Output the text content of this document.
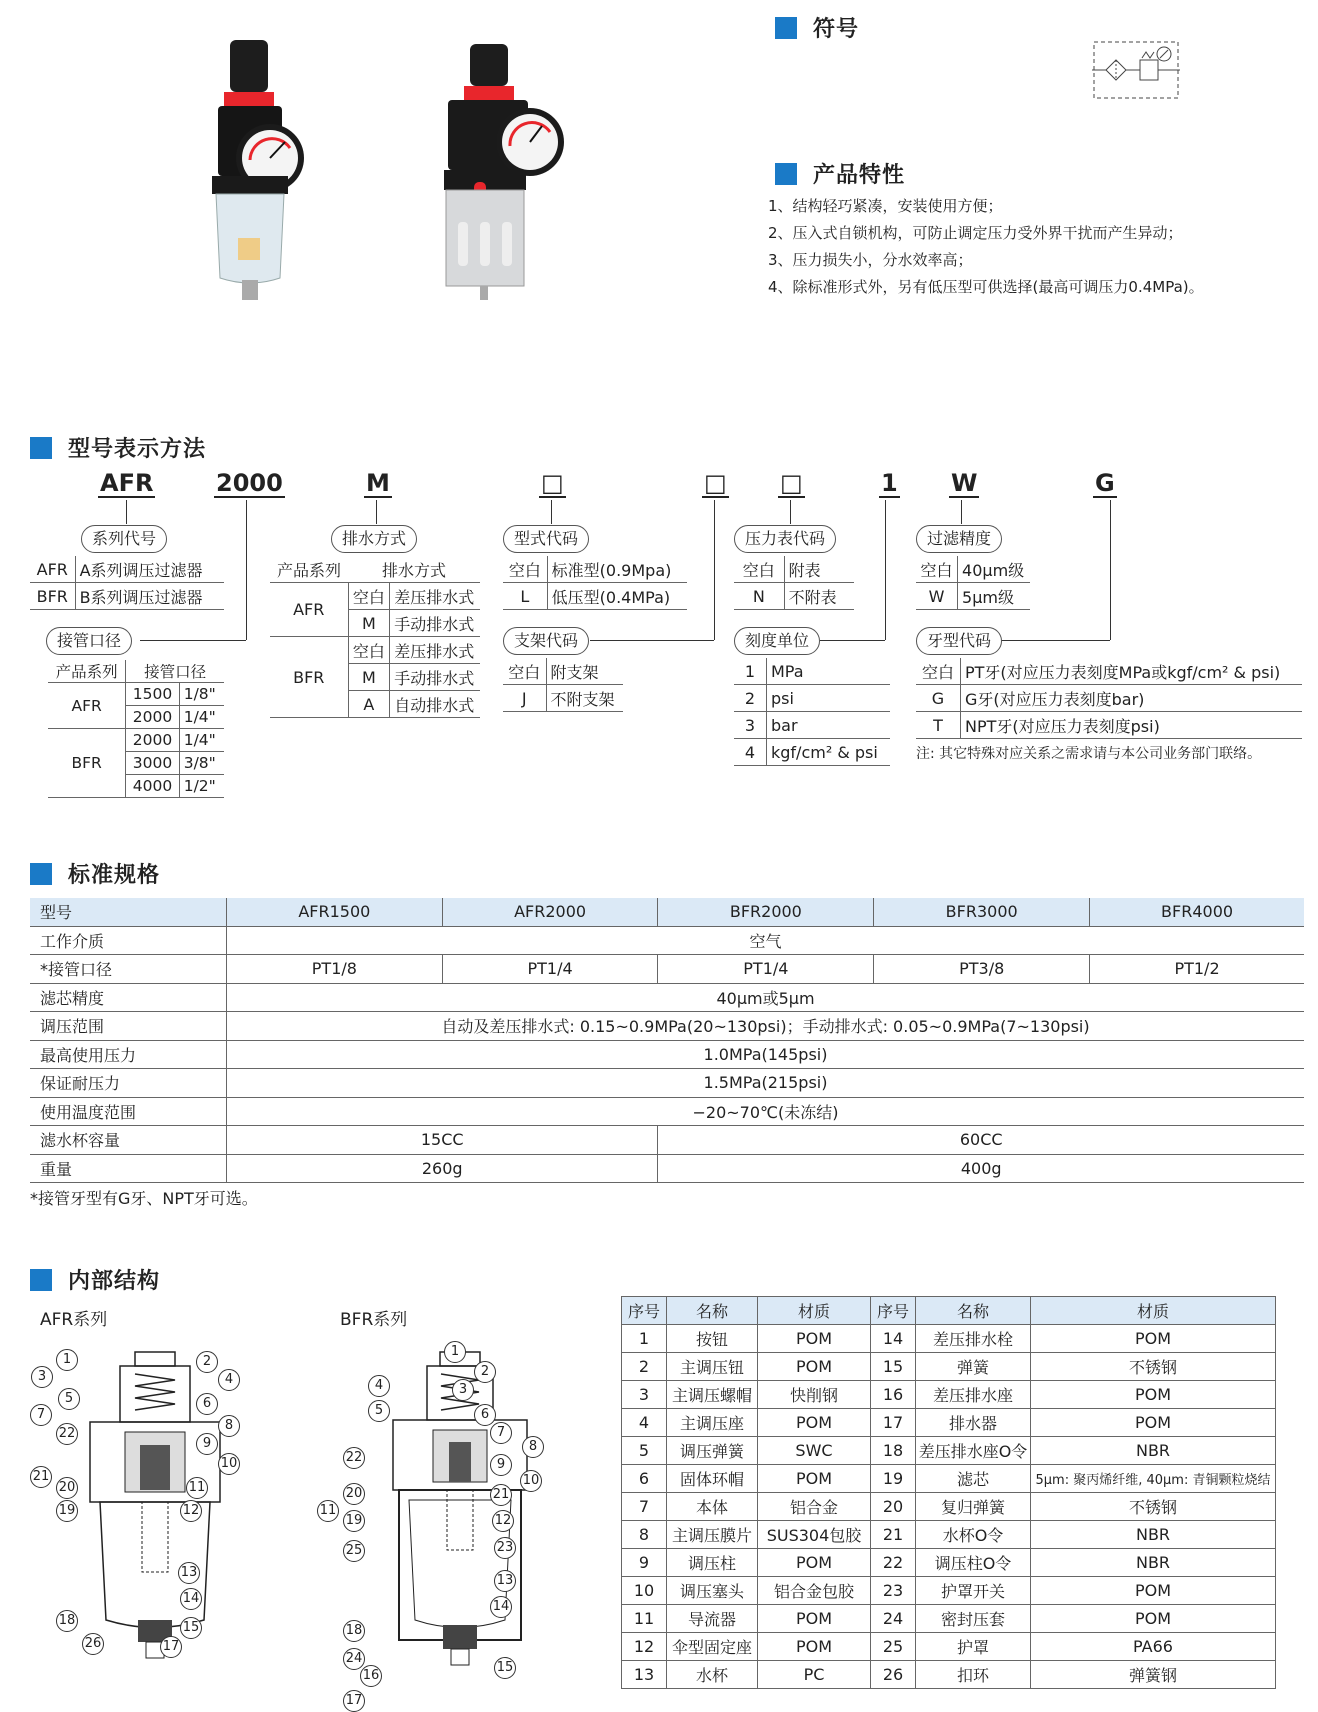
符号
产品特性
1、结构轻巧紧凑，安装使用方便；
2、压入式自锁机构，可防止调定压力受外界干扰而产生异动；
3、压力损失小，分水效率高；
4、除标准形式外，另有低压型可供选择(最高可调压力0.4MPa)。
型号表示方法
AFR	2000	M	□	□ □	1 W	G
系列代号
AFR	A系列调压过滤器
BFR	B系列调压过滤器
接管口径
产品系列	接管口径	
AFR	1500	1/8"
	2000	1/4"
BFR	2000	1/4"
	3000	3/8"
	4000	1/2"
排水方式
产品系列	排水方式	
AFR	空白	差压排水式
	M	手动排水式
BFR	空白	差压排水式
	M	手动排水式
	A	自动排水式
型式代码
空白	标准型(0.9Mpa)
L	低压型(0.4MPa)
支架代码
空白	附支架
J	不附支架
压力表代码
空白	附表
N	不附表
刻度单位
1	MPa
2	psi
3	bar
4	kgf/cm² & psi
过滤精度
空白	40μm级
W	5μm级
牙型代码
空白	PT牙(对应压力表刻度MPa或kgf/cm² & psi)
G	G牙(对应压力表刻度bar)
T	NPT牙(对应压力表刻度psi)
注: 其它特殊对应关系之需求请与本公司业务部门联络。
标准规格
型号	AFR1500	AFR2000	BFR2000	BFR3000	BFR4000
工作介质	空气				
*接管口径	PT1/8	PT1/4	PT1/4	PT3/8	PT1/2
滤芯精度	40μm或5μm				
调压范围	自动及差压排水式: 0.15~0.9MPa(20~130psi)；手动排水式: 0.05~0.9MPa(7~130psi)				
最高使用压力	1.0MPa(145psi)				
保证耐压力	1.5MPa(215psi)				
使用温度范围	−20~70℃(未冻结)				
滤水杯容量	15CC		60CC		
重量	260g		400g		
*接管牙型有G牙、NPT牙可选。
内部结构
AFR系列	BFR系列
1	2
3	4
5	6
7
8
22
9
10
21
20	11
19	12
13
14
18	15
26	17
1
2
4	3
5	6
7
8
22	9
10
20	21
11
19	12
25	23
13
14
18
24
15
16
17
序号	名称	材质	序号	名称	材质
1	按钮	POM	14	差压排水栓	POM
2	主调压钮	POM	15	弹簧	不锈钢
3	主调压螺帽	快削钢	16	差压排水座	POM
4	主调压座	POM	17	排水器	POM
5	调压弹簧	SWC	18	差压排水座O令	NBR
6	固体环帽	POM	19	滤芯	5μm: 聚丙烯纤维, 40μm: 青铜颗粒烧结
7	本体	铝合金	20	复归弹簧	不锈钢
8	主调压膜片	SUS304包胶	21	水杯O令	NBR
9	调压柱	POM	22	调压柱O令	NBR
10	调压塞头	铝合金包胶	23	护罩开关	POM
11	导流器	POM	24	密封压套	POM
12	伞型固定座	POM	25	护罩	PA66
13	水杯	PC	26	扣环	弹簧钢
